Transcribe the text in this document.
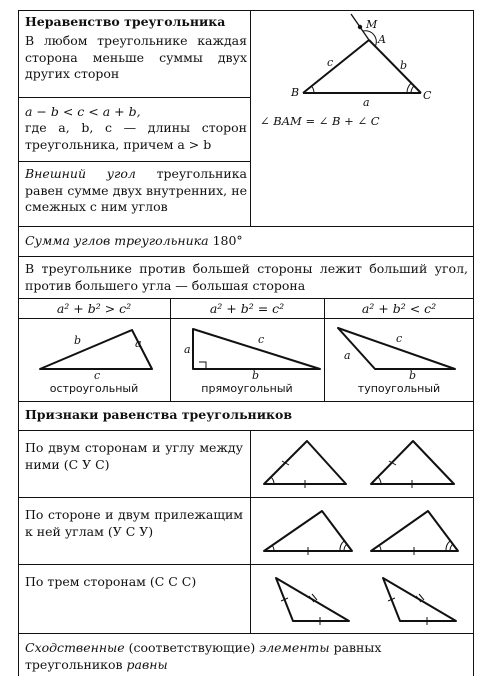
Неравенство треугольника
В любом треугольнике каждая сторона меньше суммы двух других сторон
a − b < c < a + b,
где a, b, c — длины сторон треугольника, причем a > b
Внешний угол треугольника равен сумме двух внутренних, не смежных с ним углов
M
A
B	C
c	b
a
∠ BAM = ∠ B + ∠ C
Сумма углов треугольника 180°
В треугольнике против большей стороны лежит больший угол, против большего угла — большая сторона
a² + b² > c²	a² + b² = c²	a² + b² < c²
b	a
c
c
a
b
c
a
b
остроугольный	прямоугольный	тупоугольный
Признаки равенства треугольников
По двум сторонам и углу между ними (С У С)
По стороне и двум прилежащим к ней углам (У С У)
По трем сторонам (С С С)
Сходственные (соответствующие) элементы равных треугольников равны
